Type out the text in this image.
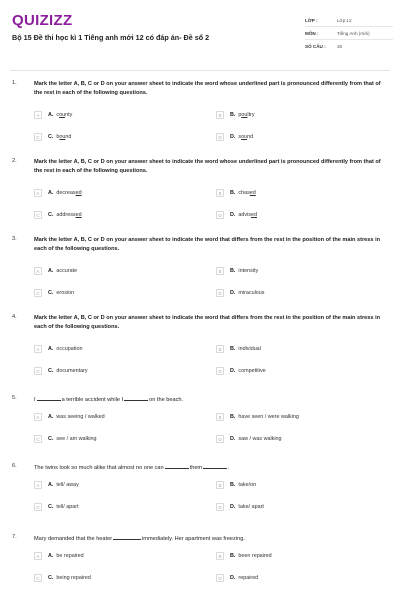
QUIZIZZ
Bộ 15 Đề thi học kì 1 Tiếng anh mới 12 có đáp án- Đề số 2
LỚP :	Lớp 12
MÔN :	Tiếng Anh (mới)
SỐ CÂU :	35
1.	Mark the letter A, B, C or D on your answer sheet to indicate the word whose underlined part is pronounced differently from that of the rest in each of the following questions.
A	A. county	B	B. poultry
C	C. bound	D	D. sound
2.	Mark the letter A, B, C or D on your answer sheet to indicate the word whose underlined part is pronounced differently from that of the rest in each of the following questions.
A	A. decreased	B	B. chased
C	C. addressed	D	D. advised
3.	Mark the letter A, B, C or D on your answer sheet to indicate the word that differs from the rest in the position of the main stress in each of the following questions.
A	A. accurate	B	B. intensity
C	C. erosion	D	D. miraculous
4.	Mark the letter A, B, C or D on your answer sheet to indicate the word that differs from the rest in the position of the main stress in each of the following questions.
A	A. occupation	B	B. individual
C	C. documentary	D	D. competitive
5.	I	a terrible accident while I	on the beach.
A	A. was seeing / walked	B	B. have seen / were walking
C	C. see / am walking	D	D. saw / was walking
6.	The twins look so much alike that almost no one can	them	.
A	A. tell/ away	B	B. take/on
C	C. tell/ apart	D	D. take/ apart
7.	Mary demanded that the heater	immediately. Her apartment was freezing.
A	A. be repaired	B	B. been repaired
C	C. being repaired	D	D. repaired
